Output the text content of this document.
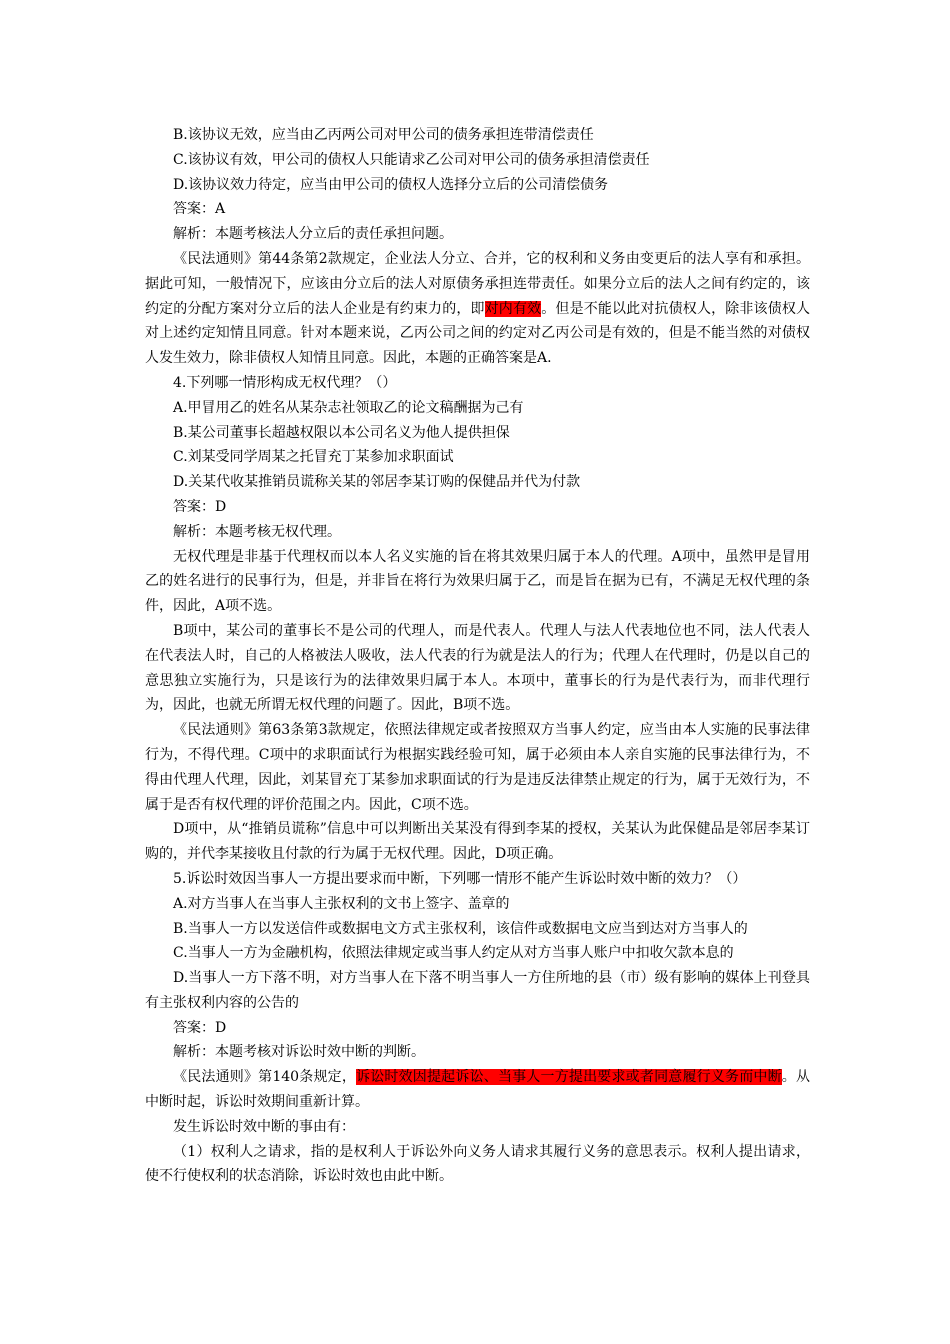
B.该协议无效，应当由乙丙两公司对甲公司的债务承担连带清偿责任

C.该协议有效，甲公司的债权人只能请求乙公司对甲公司的债务承担清偿责任

D.该协议效力待定，应当由甲公司的债权人选择分立后的公司清偿债务

答案：A

解析：本题考核法人分立后的责任承担问题。

《民法通则》第44条第2款规定，企业法人分立、合并，它的权利和义务由变更后的法人享有和承担。据此可知，一般情况下，应该由分立后的法人对原债务承担连带责任。如果分立后的法人之间有约定的，该约定的分配方案对分立后的法人企业是有约束力的，即对内有效。但是不能以此对抗债权人，除非该债权人对上述约定知情且同意。针对本题来说，乙丙公司之间的约定对乙丙公司是有效的，但是不能当然的对债权人发生效力，除非债权人知情且同意。因此，本题的正确答案是A.

4.下列哪一情形构成无权代理？（）

A.甲冒用乙的姓名从某杂志社领取乙的论文稿酬据为己有

B.某公司董事长超越权限以本公司名义为他人提供担保

C.刘某受同学周某之托冒充丁某参加求职面试

D.关某代收某推销员谎称关某的邻居李某订购的保健品并代为付款

答案：D

解析：本题考核无权代理。

无权代理是非基于代理权而以本人名义实施的旨在将其效果归属于本人的代理。A项中，虽然甲是冒用乙的姓名进行的民事行为，但是，并非旨在将行为效果归属于乙，而是旨在据为已有，不满足无权代理的条件，因此，A项不选。

B项中，某公司的董事长不是公司的代理人，而是代表人。代理人与法人代表地位也不同，法人代表人在代表法人时，自己的人格被法人吸收，法人代表的行为就是法人的行为；代理人在代理时，仍是以自己的意思独立实施行为，只是该行为的法律效果归属于本人。本项中，董事长的行为是代表行为，而非代理行为，因此，也就无所谓无权代理的问题了。因此，B项不选。

《民法通则》第63条第3款规定，依照法律规定或者按照双方当事人约定，应当由本人实施的民事法律行为，不得代理。C项中的求职面试行为根据实践经验可知，属于必须由本人亲自实施的民事法律行为，不得由代理人代理，因此，刘某冒充丁某参加求职面试的行为是违反法律禁止规定的行为，属于无效行为，不属于是否有权代理的评价范围之内。因此，C项不选。

D项中，从“推销员谎称”信息中可以判断出关某没有得到李某的授权，关某认为此保健品是邻居李某订购的，并代李某接收且付款的行为属于无权代理。因此，D项正确。

5.诉讼时效因当事人一方提出要求而中断，下列哪一情形不能产生诉讼时效中断的效力？（）

A.对方当事人在当事人主张权利的文书上签字、盖章的

B.当事人一方以发送信件或数据电文方式主张权利，该信件或数据电文应当到达对方当事人的

C.当事人一方为金融机构，依照法律规定或当事人约定从对方当事人账户中扣收欠款本息的

D.当事人一方下落不明，对方当事人在下落不明当事人一方住所地的县（市）级有影响的媒体上刊登具有主张权利内容的公告的

答案：D

解析：本题考核对诉讼时效中断的判断。

《民法通则》第140条规定，诉讼时效因提起诉讼、当事人一方提出要求或者同意履行义务而中断。从中断时起，诉讼时效期间重新计算。

发生诉讼时效中断的事由有：

（1）权利人之请求，指的是权利人于诉讼外向义务人请求其履行义务的意思表示。权利人提出请求，使不行使权利的状态消除，诉讼时效也由此中断。
